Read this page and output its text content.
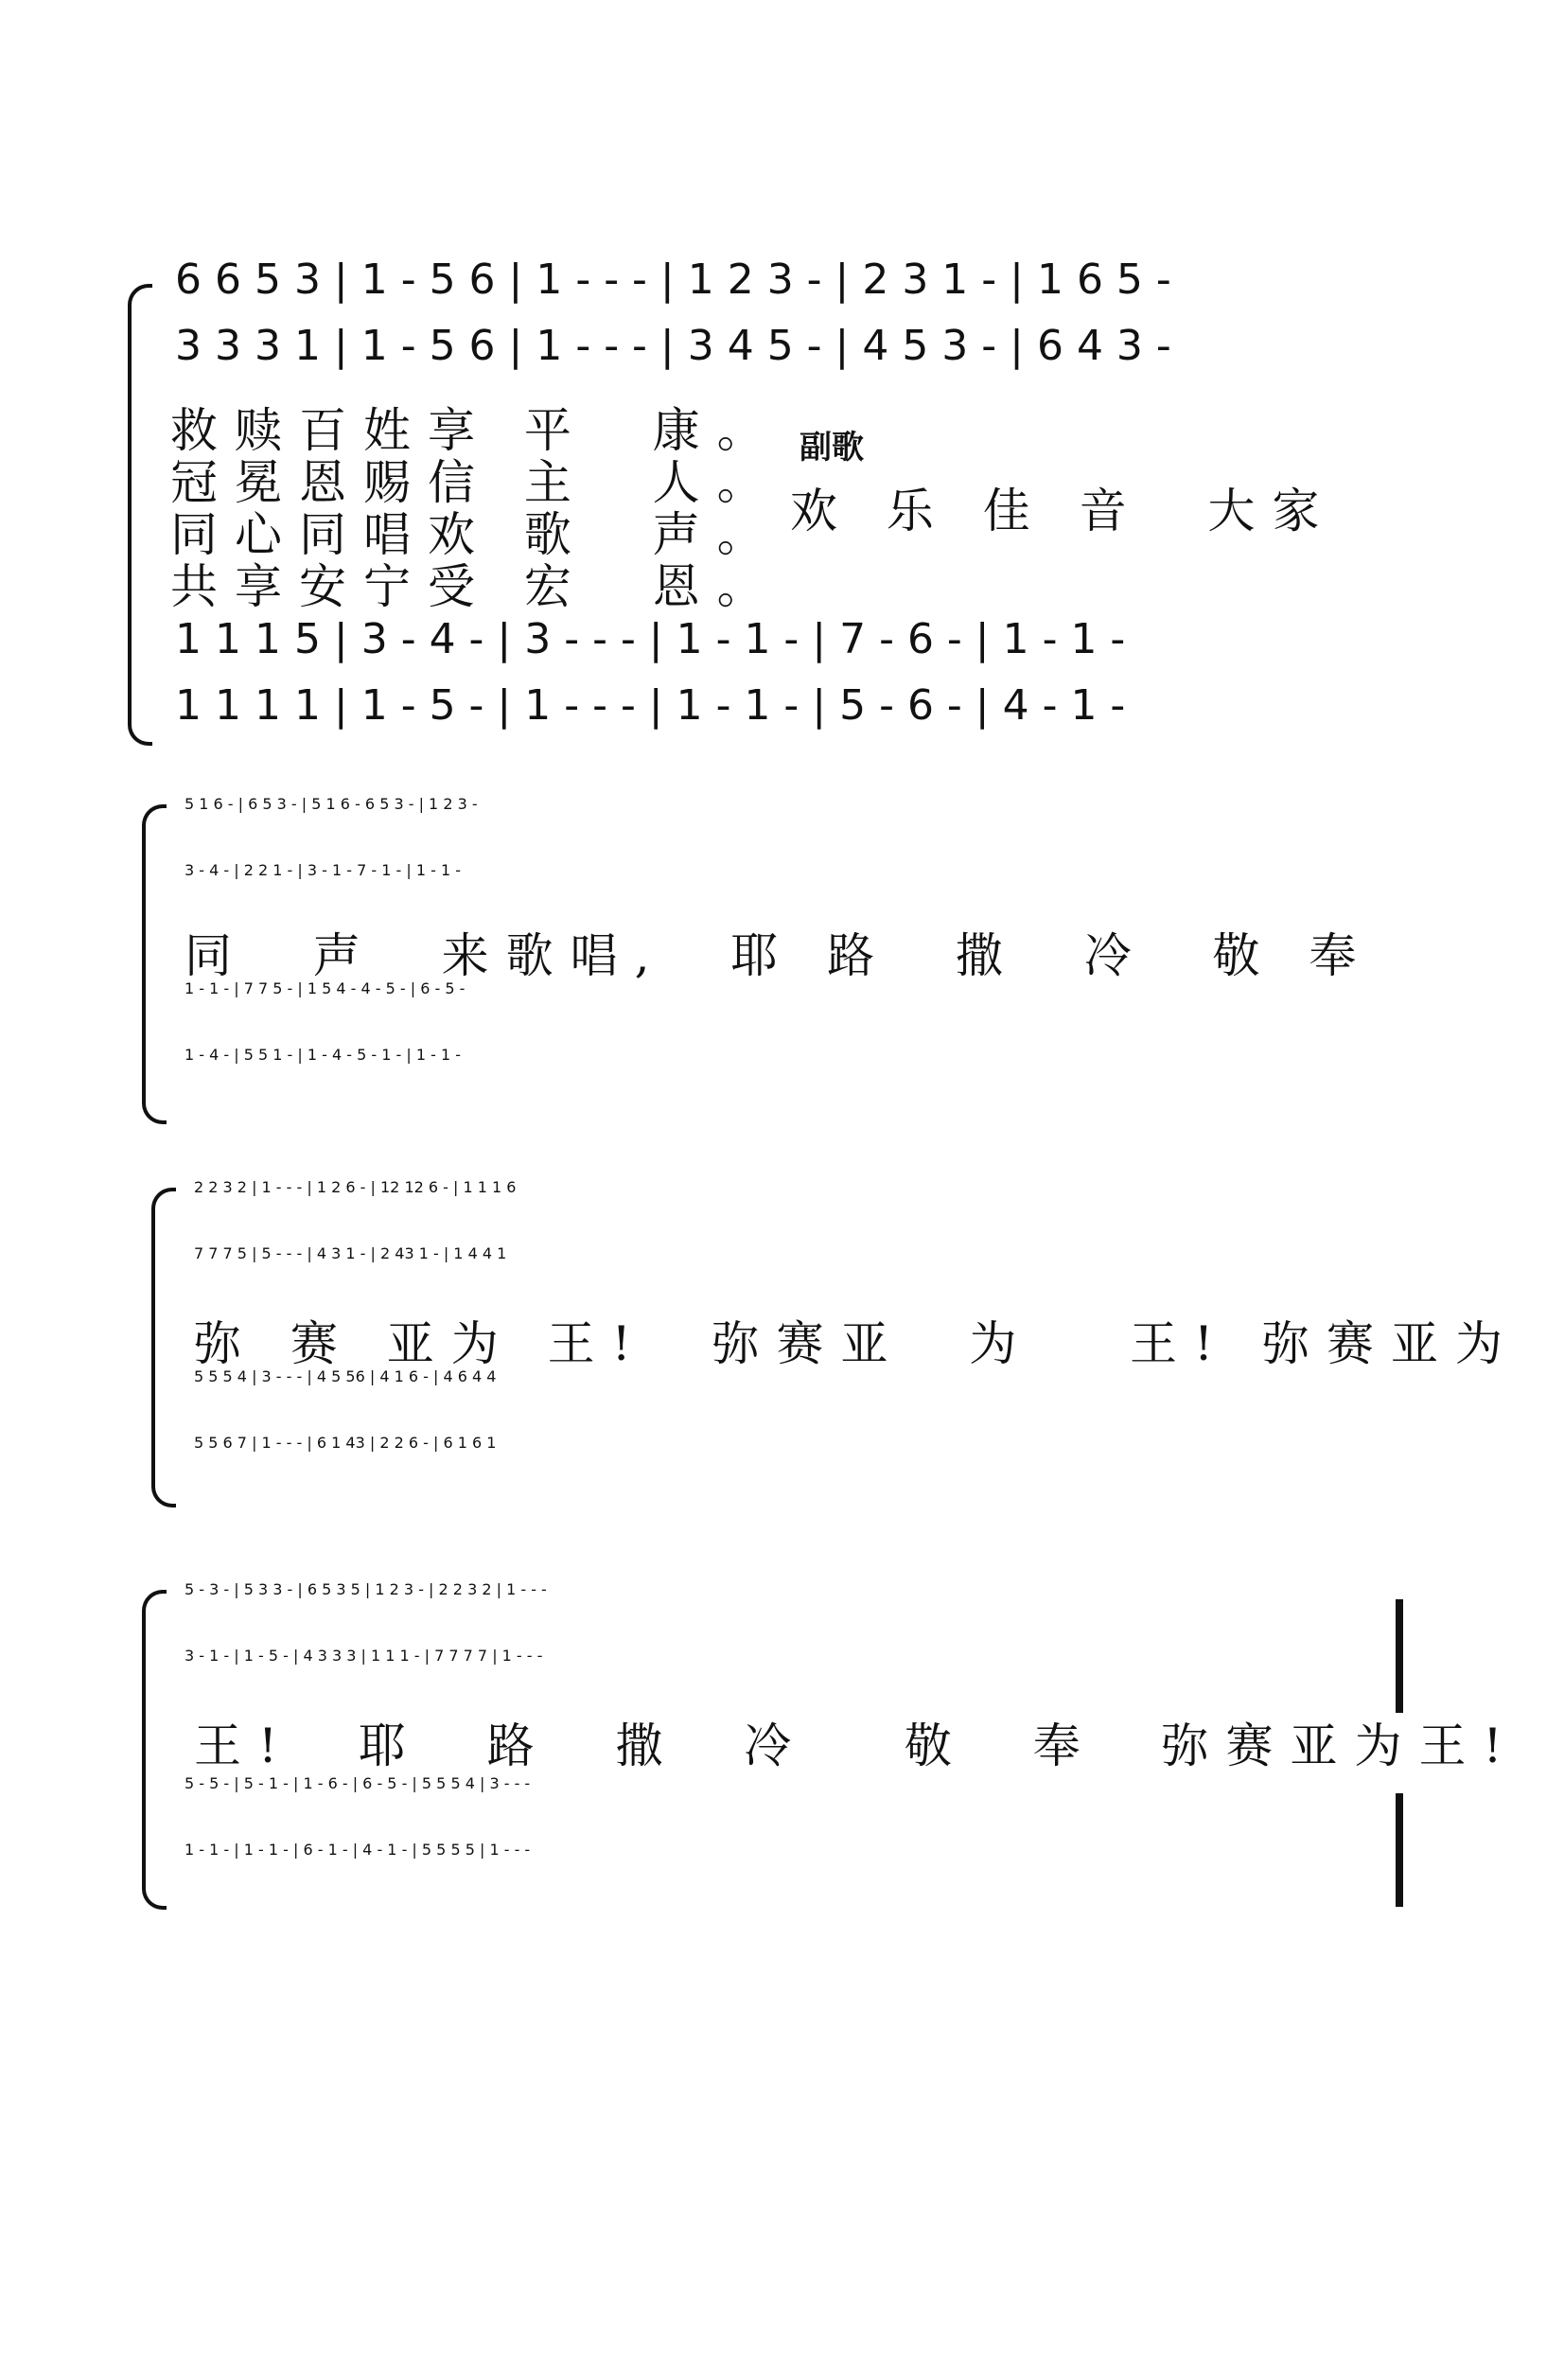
6 6 5 3 | 1 - 5 6 | 1 - - - | 1 2 3 - | 2 3 1 - | 1 6 5 -
3 3 3 1 | 1 - 5 6 | 1 - - - | 3 4 5 - | 4 5 3 - | 6 4 3 -
救赎百姓享 平  康。
冠冕恩赐信 主  人。
同心同唱欢 歌  声。
共享安宁受 宏  恩。
副歌
欢 乐 佳 音  大家
1 1 1 5 | 3 - 4 - | 3 - - - | 1 - 1 - | 7 - 6 - | 1 - 1 -
1 1 1 1 | 1 - 5 - | 1 - - - | 1 - 1 - | 5 - 6 - | 4 - 1 -
5 1 6 - | 6 5 3 - | 5 1 6 - 6 5 3 - | 1 2 3 -
3 - 4 - | 2 2 1 - | 3 - 1 - 7 - 1 - | 1 - 1 -
同  声  来歌唱,  耶 路  撒  冷  敬 奉
1 - 1 - | 7 7 5 - | 1 5 4 - 4 - 5 - | 6 - 5 -
1 - 4 - | 5 5 1 - | 1 - 4 - 5 - 1 - | 1 - 1 -
2 2 3 2 | 1 - - - | 1 2 6 - | 12 12 6 - | 1 1 1 6
7 7 7 5 | 5 - - - | 4 3 1 - | 2 43 1 - | 1 4 4 1
弥 赛 亚为 王!  弥赛亚  为   王! 弥赛亚为
5 5 5 4 | 3 - - - | 4 5 56 | 4 1 6 - | 4 6 4 4
5 5 6 7 | 1 - - - | 6 1 43 | 2 2 6 - | 6 1 6 1
5 - 3 - | 5 3 3 - | 6 5 3 5 | 1 2 3 - | 2 2 3 2 | 1 - - -
3 - 1 - | 1 - 5 - | 4 3 3 3 | 1 1 1 - | 7 7 7 7 | 1 - - -
王!  耶  路  撒  冷   敬  奉  弥赛亚为王!
5 - 5 - | 5 - 1 - | 1 - 6 - | 6 - 5 - | 5 5 5 4 | 3 - - -
1 - 1 - | 1 - 1 - | 6 - 1 - | 4 - 1 - | 5 5 5 5 | 1 - - -
